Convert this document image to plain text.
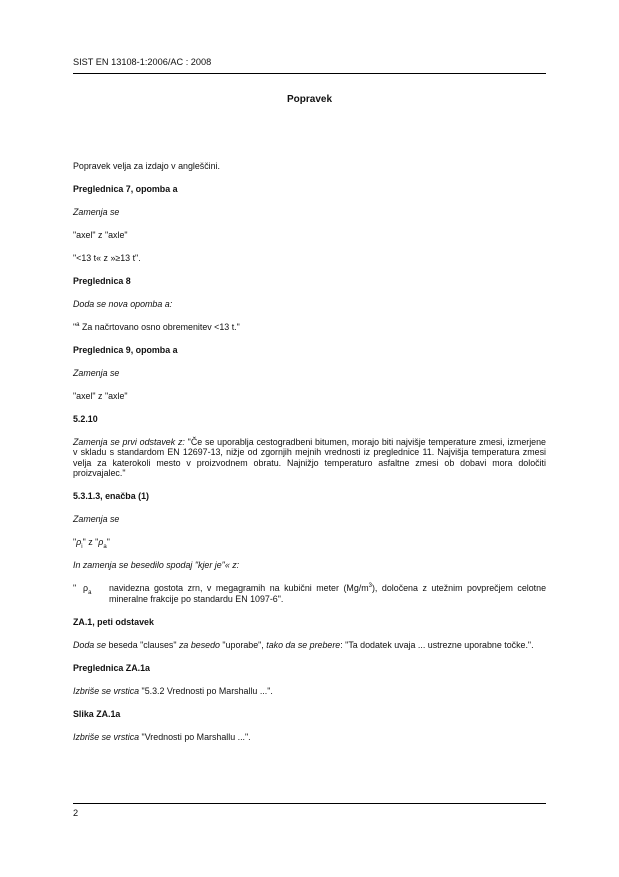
SIST EN 13108-1:2006/AC : 2008
Popravek

Popravek velja za izdajo v angleščini.

Preglednica 7, opomba a

Zamenja se

"axel" z "axle"

"<13 t« z »≥13 t".

Preglednica 8

Doda se nova opomba a:

"$^a$ Za načrtovano osno obremenitev <13 t."

Preglednica 9, opomba a

Zamenja se

"axel" z "axle"

5.2.10

Zamenja se prvi odstavek z: "Če se uporablja cestogradbeni bitumen, morajo biti najvišje temperature zmesi, izmerjene v skladu s standardom EN 12697-13, nižje od zgornjih mejnih vrednosti iz preglednice 11. Najvišja temperatura zmesi velja za katerokoli mesto v proizvodnem obratu. Najnižjo temperaturo asfaltne zmesi ob dobavi mora določiti proizvajalec."

5.3.1.3, enačba (1)

Zamenja se

"$\rho_i$" z "$\rho_a$"

In zamenja se besedilo spodaj "kjer je"« z:

" $\rho_a$	navidezna gostota zrn, v megagramih na kubični meter $(Mg/m^3)$, določena z utežnim povprečjem celotne mineralne frakcije po standardu EN 1097-6".

ZA.1, peti odstavek

Doda se beseda "clauses" za besedo "uporabe", tako da se prebere: "Ta dodatek uvaja ... ustrezne uporabne točke.".

Preglednica ZA.1a

Izbriše se vrstica "5.3.2 Vrednosti po Marshallu ...".

Slika ZA.1a

Izbriše se vrstica "Vrednosti po Marshallu ...".

2
